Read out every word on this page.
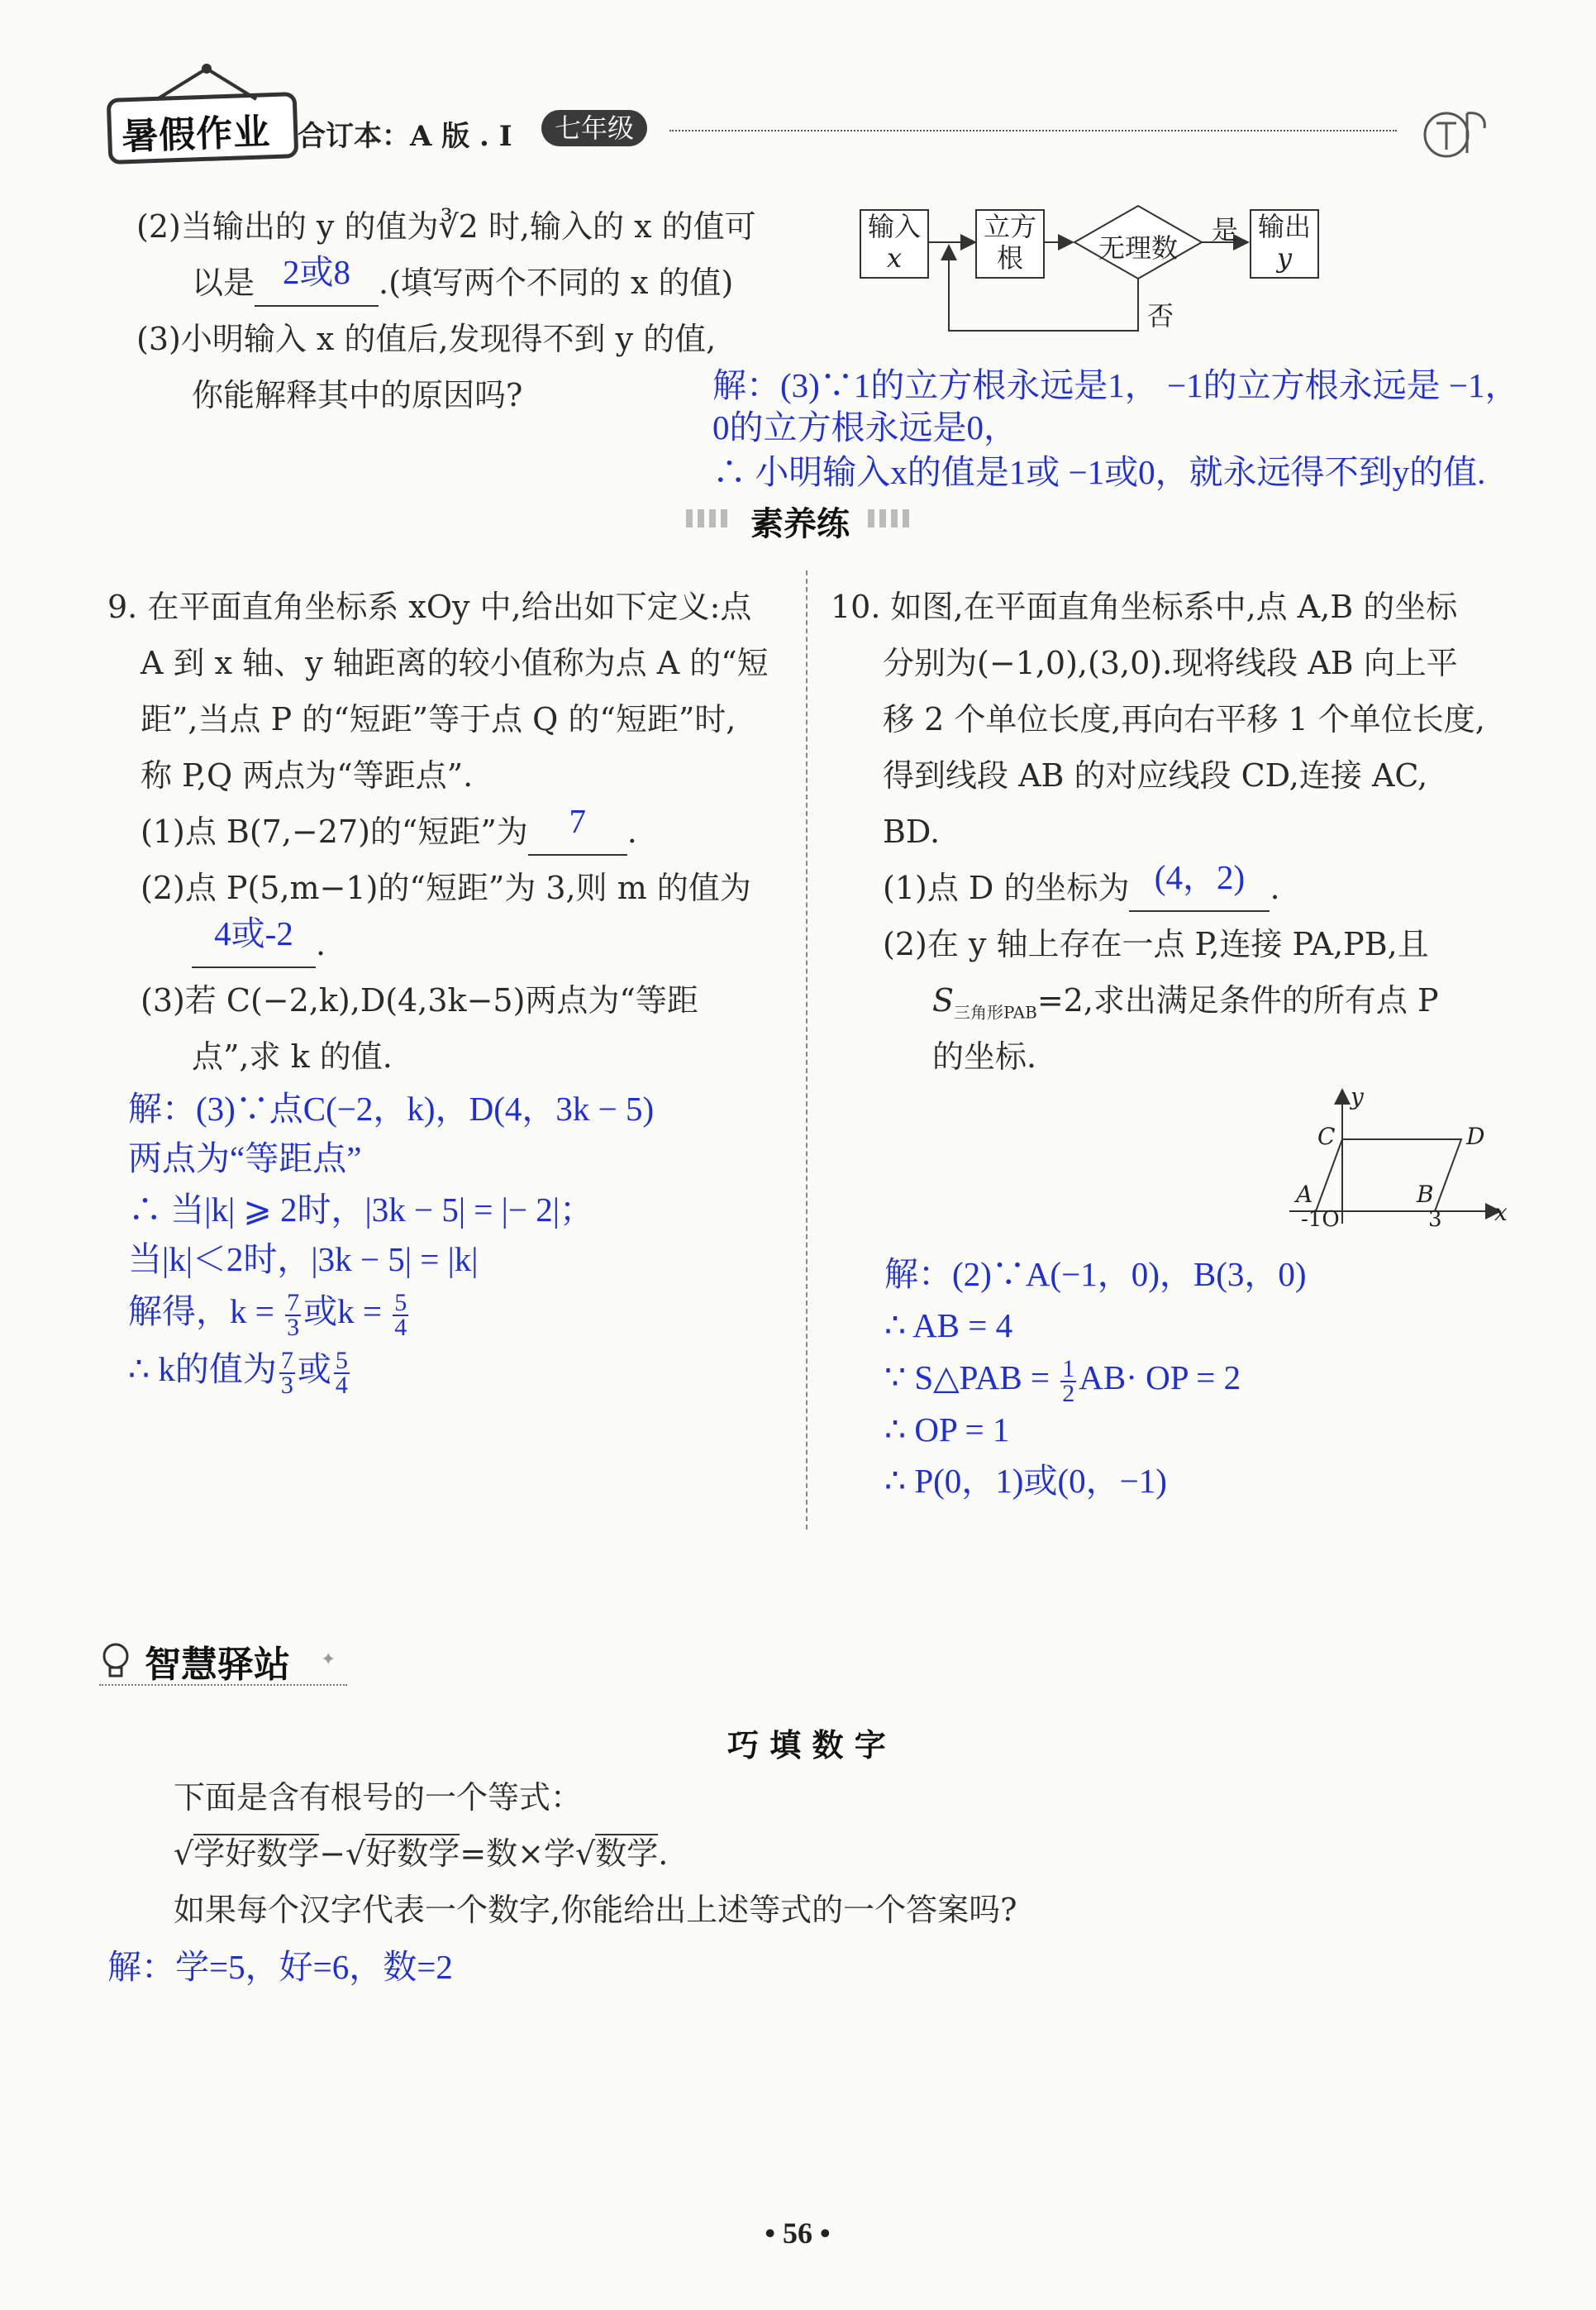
暑假作业 合订本：A 版 . I	七年级
(2)当输出的 y 的值为∛2 时,输入的 x 的值可
以是 2或8 .(填写两个不同的 x 的值)
(3)小明输入 x 的值后,发现得不到 y 的值,
你能解释其中的原因吗?
输入
x
立方
根	无理数
是
否
输出
y
解：(3)∵1的立方根永远是1， −1的立方根永远是 −1，
0的立方根永远是0，
∴ 小明输入x的值是1或 −1或0，就永远得不到y的值.
素养练
9. 在平面直角坐标系 xOy 中,给出如下定义:点
A 到 x 轴、y 轴距离的较小值称为点 A 的“短
距”,当点 P 的“短距”等于点 Q 的“短距”时,
称 P,Q 两点为“等距点”.
(1)点 B(7,−27)的“短距”为 7 .
(2)点 P(5,m−1)的“短距”为 3,则 m 的值为
4或-2 .
(3)若 C(−2,k),D(4,3k−5)两点为“等距
点”,求 k 的值.
解：(3)∵点C(−2，k)，D(4，3k − 5)
两点为“等距点”
∴ 当|k| ⩾ 2时，|3k − 5| = |− 2|；
当|k|＜2时，|3k − 5| = |k|
解得，$k = \frac{7}{3}$ 或$k = \frac{5}{4}$
∴ k的值为 $\frac{7}{3}$ 或 $\frac{5}{4}$
10. 如图,在平面直角坐标系中,点 A,B 的坐标
分别为(−1,0),(3,0).现将线段 AB 向上平
移 2 个单位长度,再向右平移 1 个单位长度,
得到线段 AB 的对应线段 CD,连接 AC,
BD.
(1)点 D 的坐标为 (4，2) .
(2)在 y 轴上存在一点 P,连接 PA,PB,且
$S_{三角形PAB}=2$,求出满足条件的所有点 P
的坐标.
y
C	D
A	B
-1O	3 x
解：(2)∵A(−1，0)，B(3，0)
∴ AB = 4
∵ S△PAB = $\frac{1}{2} AB\cdot$ OP = 2
∴ OP = 1
∴ P(0，1)或(0，−1)
智慧驿站 ✦
巧 填 数 字
下面是含有根号的一个等式：
√学好数学−√好数学=数×学√数学.
如果每个汉字代表一个数字,你能给出上述等式的一个答案吗?
解：学=5，好=6，数=2
• 56 •
